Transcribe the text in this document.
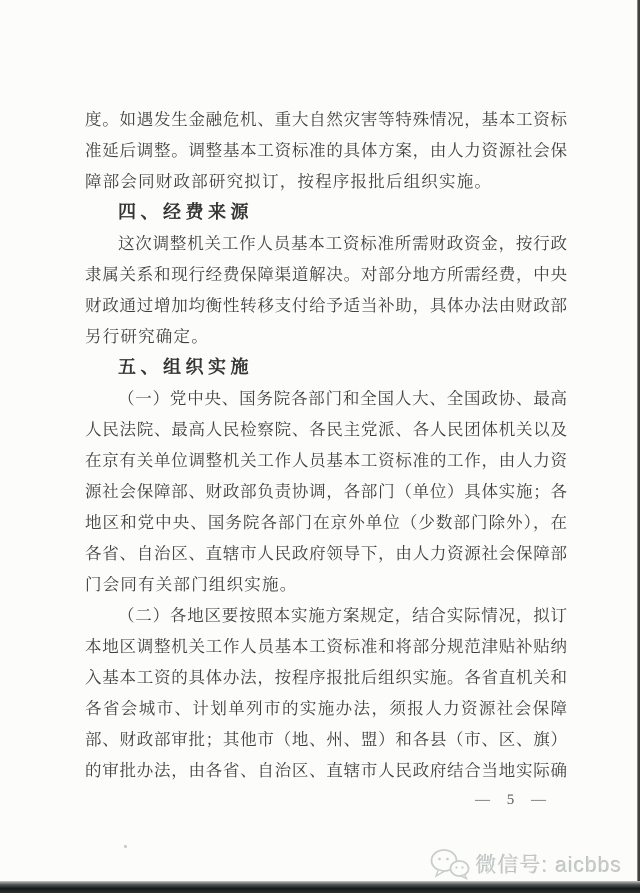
度。如遇发生金融危机、重大自然灾害等特殊情况，基本工资标
准延后调整。调整基本工资标准的具体方案，由人力资源社会保
障部会同财政部研究拟订，按程序报批后组织实施。
四、经费来源
这次调整机关工作人员基本工资标准所需财政资金，按行政
隶属关系和现行经费保障渠道解决。对部分地方所需经费，中央
财政通过增加均衡性转移支付给予适当补助，具体办法由财政部
另行研究确定。
五、组织实施
（一）党中央、国务院各部门和全国人大、全国政协、最高
人民法院、最高人民检察院、各民主党派、各人民团体机关以及
在京有关单位调整机关工作人员基本工资标准的工作，由人力资
源社会保障部、财政部负责协调，各部门（单位）具体实施；各
地区和党中央、国务院各部门在京外单位（少数部门除外），在
各省、自治区、直辖市人民政府领导下，由人力资源社会保障部
门会同有关部门组织实施。
（二）各地区要按照本实施方案规定，结合实际情况，拟订
本地区调整机关工作人员基本工资标准和将部分规范津贴补贴纳
入基本工资的具体办法，按程序报批后组织实施。各省直机关和
各省会城市、计划单列市的实施办法，须报人力资源社会保障
部、财政部审批；其他市（地、州、盟）和各县（市、区、旗）
的审批办法，由各省、自治区、直辖市人民政府结合当地实际确
— 5 —
微信号: aicbbs
